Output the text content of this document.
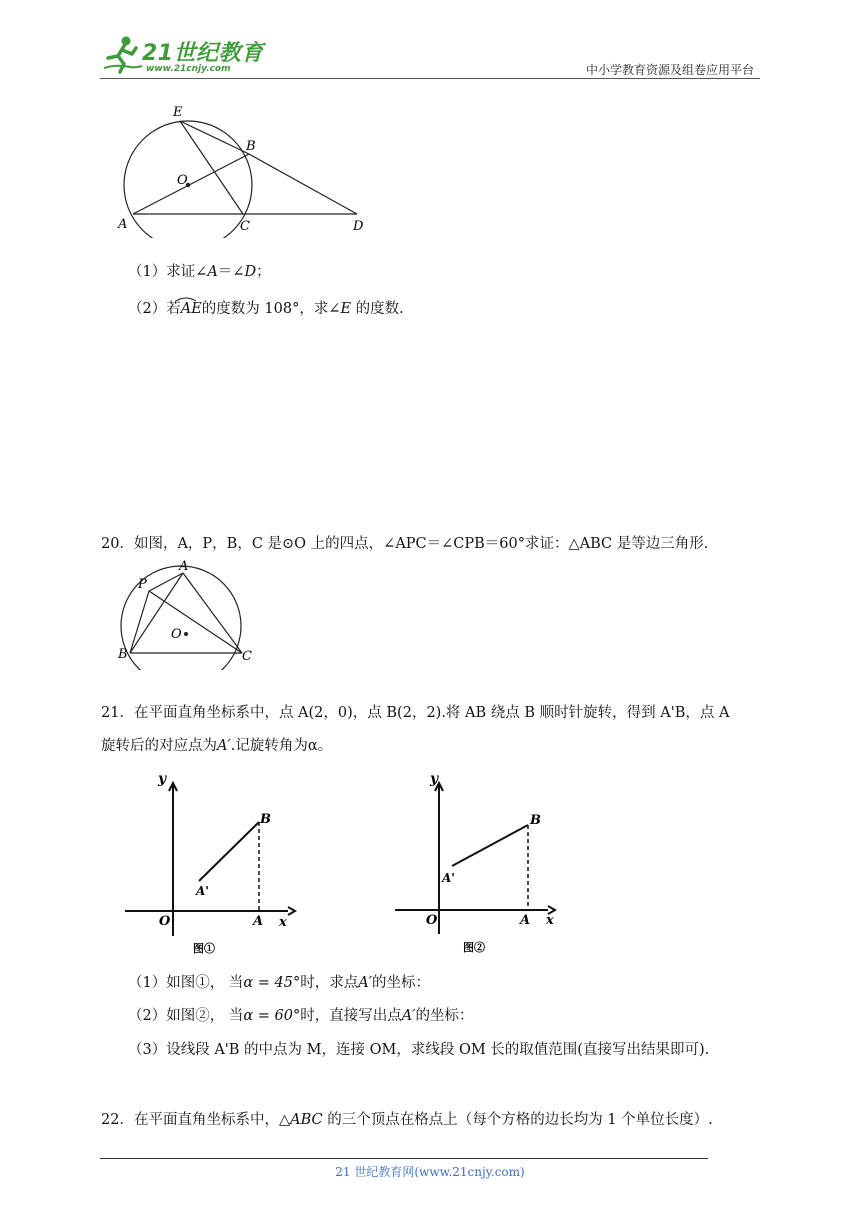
21世纪教育
www.21cnjy.com	中小学教育资源及组卷应用平台
E
B
O
A	C	D
（1）求证∠A＝∠D；
（2）若AE的度数为 108°，求∠E 的度数.
20．如图，A，P，B，C 是⊙O 上的四点，∠APC＝∠CPB＝60°求证：△ABC 是等边三角形.
P
A
O
B	C
21．在平面直角坐标系中，点 A(2，0)，点 B(2，2).将 AB 绕点 B 顺时针旋转，得到 A'B，点 A
旋转后的对应点为A′.记旋转角为α。
y
x
O	A
B
A'
图①
y
x
O	A
B
A'
图②
（1）如图①， 当α = 45°时，求点A′的坐标：
（2）如图②， 当α = 60°时，直接写出点A′的坐标：
（3）设线段 A'B 的中点为 M，连接 OM，求线段 OM 长的取值范围(直接写出结果即可).
22．在平面直角坐标系中，△ABC 的三个顶点在格点上（每个方格的边长均为 1 个单位长度）.
21 世纪教育网(www.21cnjy.com)
